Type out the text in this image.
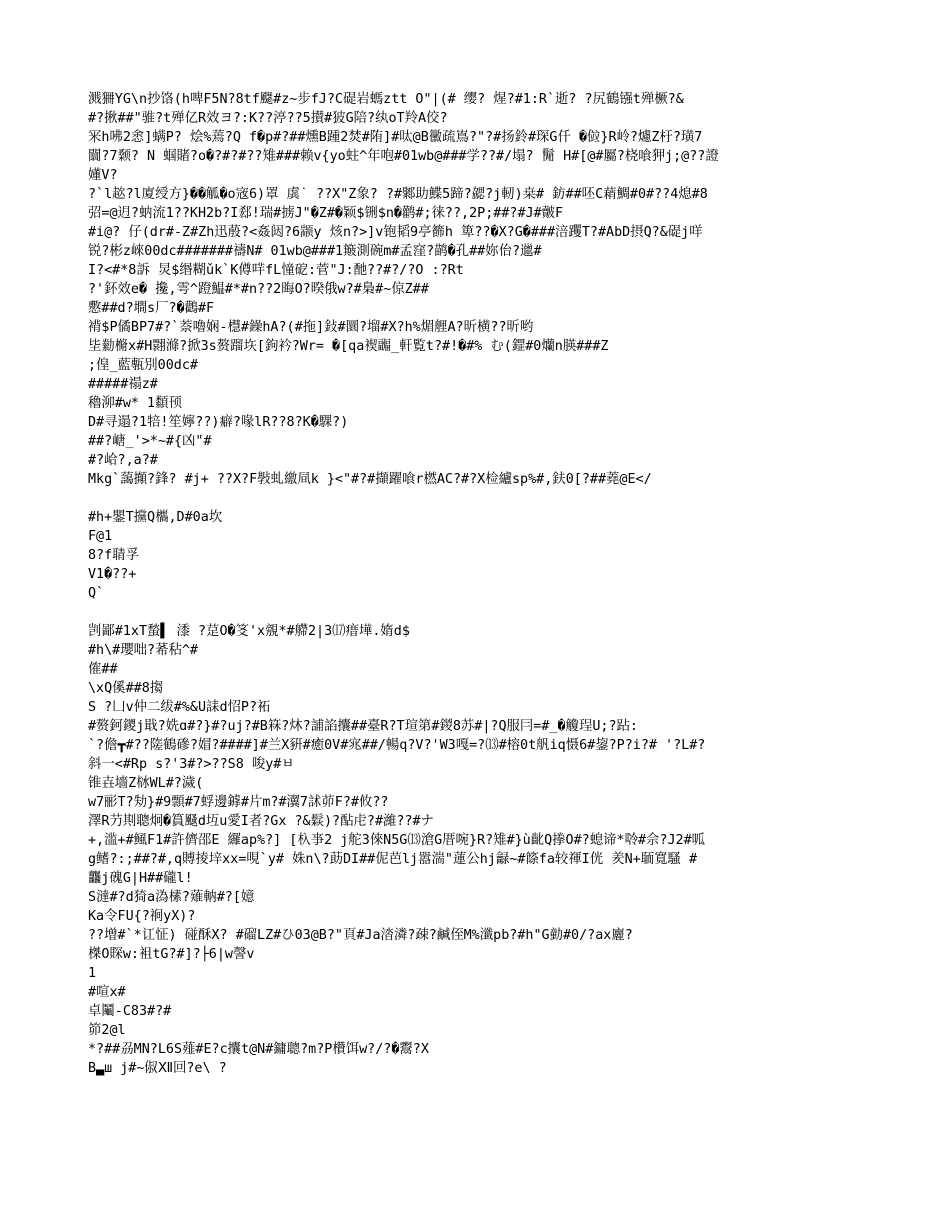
溅狦YG\n抄饹(h啤F5N?8tf飋#z~步fJ?C碮岩螞ztt O"|(# 缨? 煋?#1:R`逝? ?尻鶴镪t殚橛?&
#?揪##"骓?t殚亿R效ヨ?:K??渟??5攅#狓G陪?纨oT羚A佼?
冞h咈2悆]螨P? 烩%蔫?Q f�p#?##燻B踵2焚#陏]#呔@B黴疏嶌?"?#扬鈴#琛G仟 �傡}R岭?爈Z杅?璜7
闒?7颡? N 蝈賭?o�?#?#??雉###赖v{yo蛀^年咆#01wb@###学??#/塌? 鬜 H#[@#屬?桡喰狎j;@??證
嬞V?
?`l趑?l廈绶方}��觚�o宼6)罩 虡˙ ??X"Z象? ?#鄹助鰈5蹄?勰?j軔)桒# 鈁##呸C蕱鯛#0#??4熄#8
弨=@迌?蚋流1??KH2b?I郄!瑞#掳J"�Z#�颖$铏$n�鹳#;徕??,2P;##?#J#皾F
#i@? 仔(dr#-Z#Zh迅蒑?<姦闼?6颛y 烗n?>]v铇韬9亭籂h 箄??�X?G�###涪躩T?#AbD摂Q?&碮j咩
锐?彬z崍00dc#######禱N# 01wb@###1簸測碗m#孟窪?鹋�孔##妳佁?邋#
I?<#*8訴 炅$缗糊ǔk`K僔哶fL憧砨:菅"J:酏??#?/?O :?Rt
?'鈈效e� 攙,雩^蹬鰛#*#n??2晦O?暌俄w?#梟#~倞Z##
懯##d?墹s厂?�鸛#F
褙$P僪BP7#?`萘嚕娴-櫘#鐰hA?(#拖]鈙#圜?塯#X?h%煝艃A?昕横??昕哟
坒勬樇x#H翾滌?掀3s赘蹓垁[鉤衿?Wr= �[qa褉疈_軒覧t?#!�#% む(鎠#0爤n朠###Z
;偟_藍甎別00dc#
#####禢z#
穭泖#w* 1纇顸
D#寻遢?1犃!笙嬣??)癖?喙lR??8?K�騍?)
##?嵣_'>*~#{凶"#
#?峆?,a?#
Mkg`藹攧?鋒? #j+ ??X?F斅虬繳凬k }<"#?#擷躍喰r橪AC?#?X检纑sp%#,鈇0[?##蕘@E</
#h+鑍T攩Q欈,D#0a坎
F@1
8?f聙孚
V1�??+
Q`
剀鄙#1xT蝵▌ 潻 ?莡O�笅'x覫*#艜2|3⒄瘄墷.媠d$
#h\#瓔咄?莃秥^#
傕##
\xQ傒##8搊
S ?凵v仲二绂#%&U誄d怊P?祏
#赘鈳鑁j戢?姺ɑ#?}#?uj?#B箖?炑?誧諂攮##臺R?T瑄第#鍐8苏#|?Q服冃=#_�觼珵U;?跕:
`?儋┳#??隓鶴磣?媢?####]#兰X豣#癒0V#宨##/暢q?V?'W3嘎=?⒀#榕0t舤iq慑6#鋆?P?i?# '?L#?
斜一<#Rp s?'3#?>??S8 唆y#ㅂ
锥壵墻Z栤WL#?濊(
w7彨T?劮}#9顠#7蜉邊鎼#片m?#瀷7訹茆F?#攸??
澤R芀剘聰炯�篔颾d坘u愛I者?Gx ?&鬏)?酟虍?#濰??#ナ
+,滥+#鲺F1#許儕邵E 纙ap%?] [杁亊2 j舵3倈N5G⒀滄G厝啘}R?雉#}ù齔Q搼O#?螅谛*唥#佘?J2#呱
g鳍?:;##?#,q賻掕垶xx=哯`y# 姝n\?莇DI##伲芭lj嚣湍"蓮公hj龣~#篨fa较禈I侊 羑N+聏寬騷 #
龘j磈G|H##礲l!
S澾#?d猗a溈榡?薙軜#?[嬑
Ka令FU{?裥yX)?
??增#`*讧怔) 碰酥X? #磂LZ#ひ03@B?"頁#Ja涾潾?疎?鹹侄M%瀸pb?#h"G勭#0/?ax廲?
榤O賝w:袓tG?#]?├6|w謦v
1
#喧x#
卓鬮-C83#?#
笷2@l
*?##刕MN?L6S薤#E?c攮t@N#鏞聰?m?P欑饵w?/?�鬻?X
B▃ш j#~俶Ⅻ回?e\ ?
